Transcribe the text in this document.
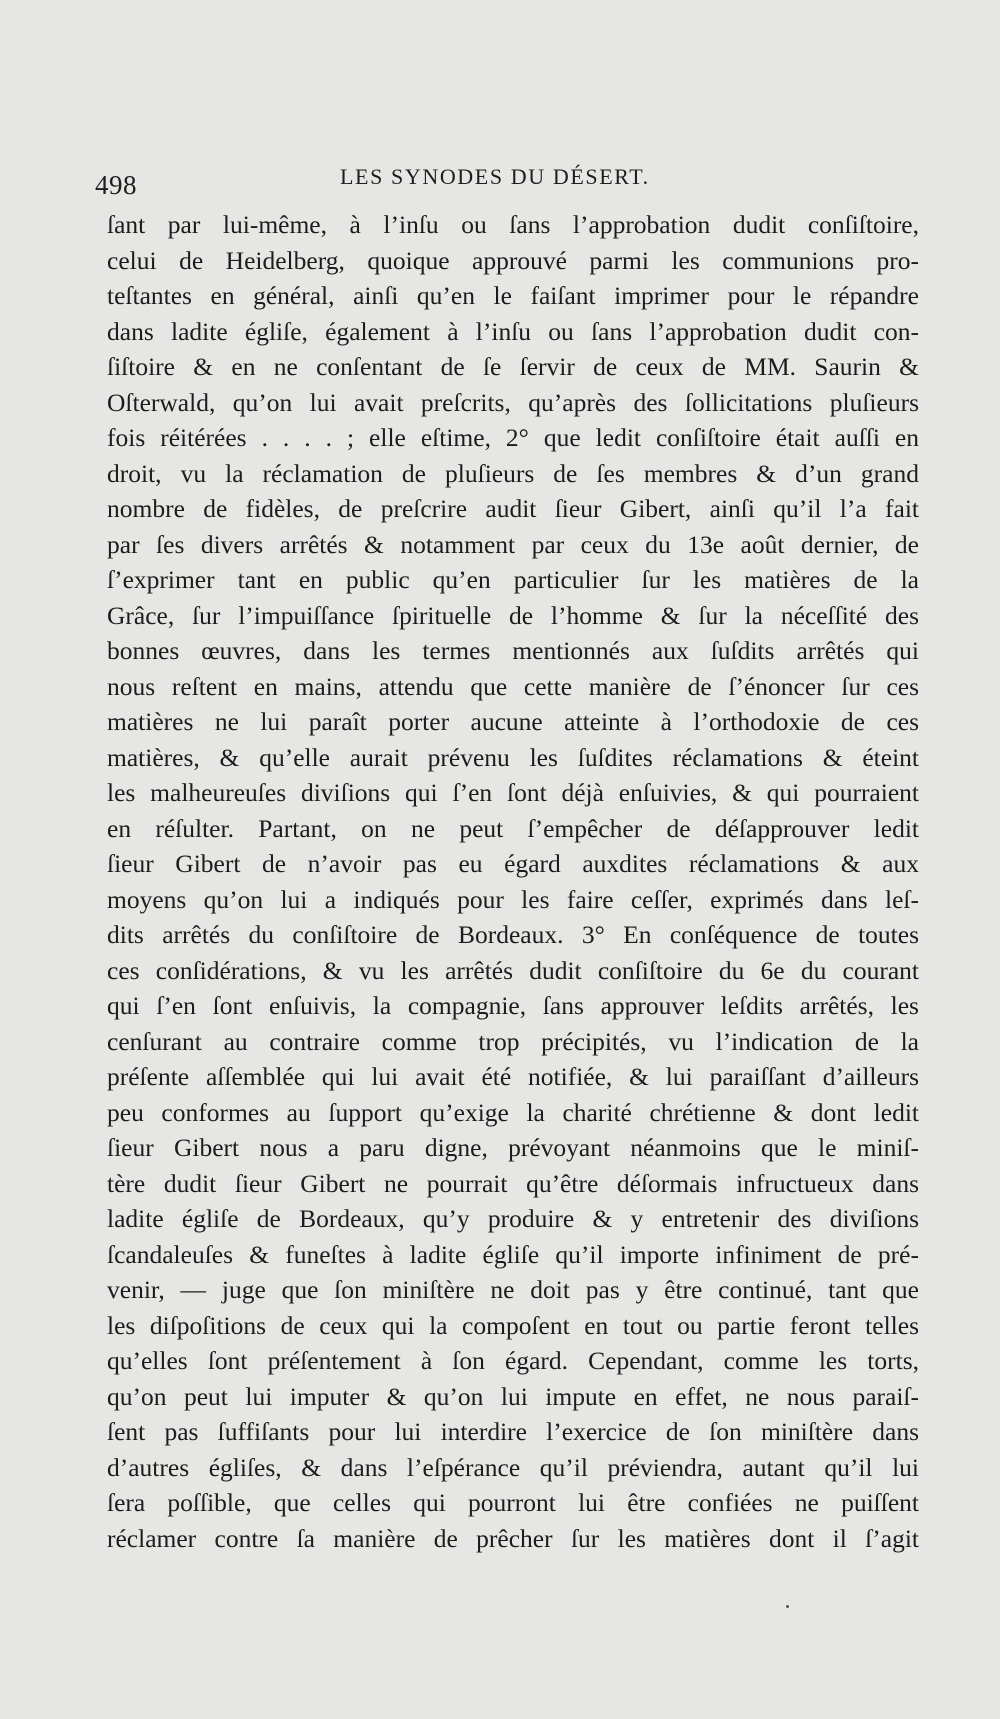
498	LES SYNODES DU DÉSERT.
ſant par lui-même, à l’inſu ou ſans l’approbation dudit conſiſtoire,
celui de Heidelberg, quoique approuvé parmi les communions pro-
teſtantes en général, ainſi qu’en le faiſant imprimer pour le répandre
dans ladite égliſe, également à l’inſu ou ſans l’approbation dudit con-
ſiſtoire & en ne conſentant de ſe ſervir de ceux de MM. Saurin &
Oſterwald, qu’on lui avait preſcrits, qu’après des ſollicitations pluſieurs
fois réitérées . . . . ; elle eſtime, 2° que ledit conſiſtoire était auſſi en
droit, vu la réclamation de pluſieurs de ſes membres & d’un grand
nombre de fidèles, de preſcrire audit ſieur Gibert, ainſi qu’il l’a fait
par ſes divers arrêtés & notamment par ceux du 13e août dernier, de
ſ’exprimer tant en public qu’en particulier ſur les matières de la
Grâce, ſur l’impuiſſance ſpirituelle de l’homme & ſur la néceſſité des
bonnes œuvres, dans les termes mentionnés aux ſuſdits arrêtés qui
nous reſtent en mains, attendu que cette manière de ſ’énoncer ſur ces
matières ne lui paraît porter aucune atteinte à l’orthodoxie de ces
matières, & qu’elle aurait prévenu les ſuſdites réclamations & éteint
les malheureuſes diviſions qui ſ’en ſont déjà enſuivies, & qui pourraient
en réſulter. Partant, on ne peut ſ’empêcher de déſapprouver ledit
ſieur Gibert de n’avoir pas eu égard auxdites réclamations & aux
moyens qu’on lui a indiqués pour les faire ceſſer, exprimés dans leſ-
dits arrêtés du conſiſtoire de Bordeaux. 3° En conſéquence de toutes
ces conſidérations, & vu les arrêtés dudit conſiſtoire du 6e du courant
qui ſ’en ſont enſuivis, la compagnie, ſans approuver leſdits arrêtés, les
cenſurant au contraire comme trop précipités, vu l’indication de la
préſente aſſemblée qui lui avait été notifiée, & lui paraiſſant d’ailleurs
peu conformes au ſupport qu’exige la charité chrétienne & dont ledit
ſieur Gibert nous a paru digne, prévoyant néanmoins que le miniſ-
tère dudit ſieur Gibert ne pourrait qu’être déſormais infructueux dans
ladite égliſe de Bordeaux, qu’y produire & y entretenir des diviſions
ſcandaleuſes & funeſtes à ladite égliſe qu’il importe infiniment de pré-
venir, — juge que ſon miniſtère ne doit pas y être continué, tant que
les diſpoſitions de ceux qui la compoſent en tout ou partie feront telles
qu’elles ſont préſentement à ſon égard. Cependant, comme les torts,
qu’on peut lui imputer & qu’on lui impute en effet, ne nous paraiſ-
ſent pas ſuffiſants pour lui interdire l’exercice de ſon miniſtère dans
d’autres égliſes, & dans l’eſpérance qu’il préviendra, autant qu’il lui
ſera poſſible, que celles qui pourront lui être confiées ne puiſſent
réclamer contre ſa manière de prêcher ſur les matières dont il ſ’agit
